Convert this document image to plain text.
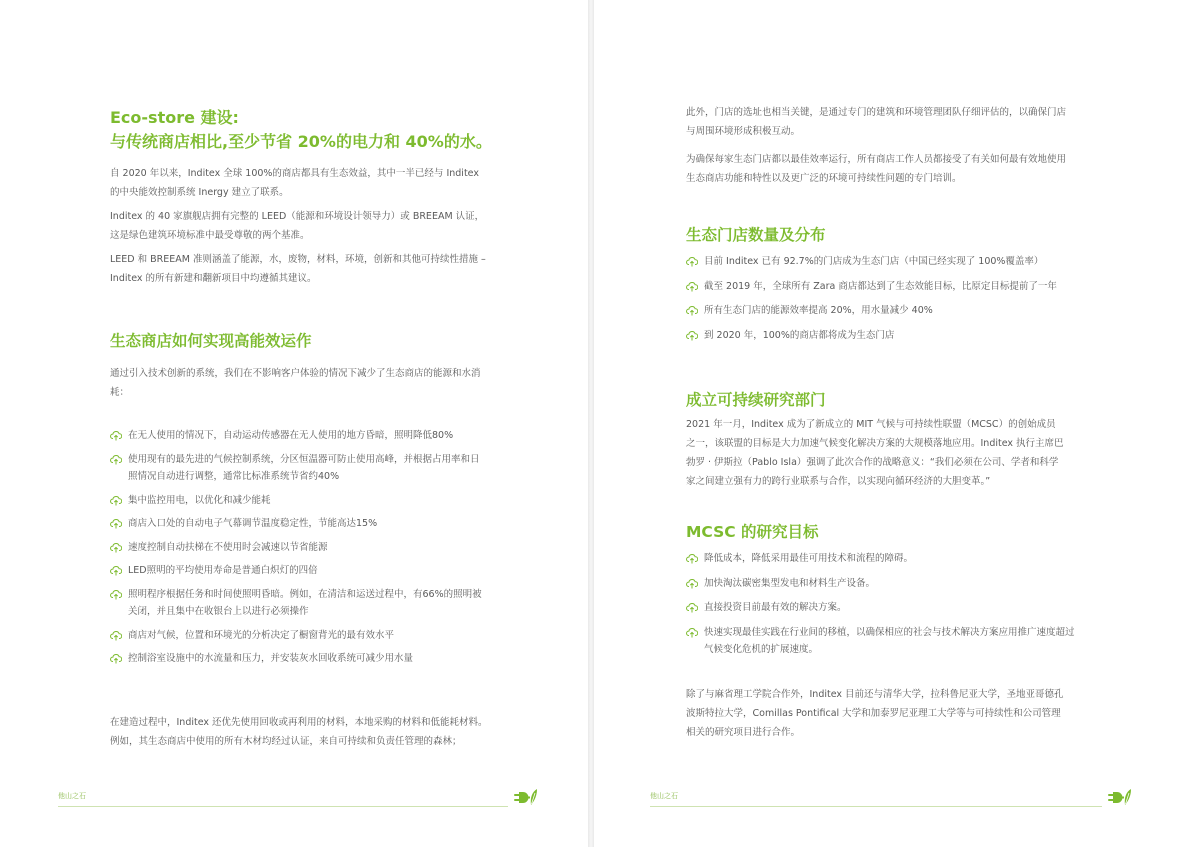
Eco-store 建设:
与传统商店相比,至少节省 20%的电力和 40%的水。

自 2020 年以来，Inditex 全球 100%的商店都具有生态效益，其中一半已经与 Inditex 的中央能效控制系统 Inergy 建立了联系。

Inditex 的 40 家旗舰店拥有完整的 LEED（能源和环境设计领导力）或 BREEAM 认证，这是绿色建筑环境标准中最受尊敬的两个基准。

LEED 和 BREEAM 准则涵盖了能源，水，废物，材料，环境，创新和其他可持续性措施 –Inditex 的所有新建和翻新项目中均遵循其建议。

生态商店如何实现高能效运作

通过引入技术创新的系统，我们在不影响客户体验的情况下减少了生态商店的能源和水消耗：

在无人使用的情况下，自动运动传感器在无人使用的地方昏暗，照明降低80%
使用现有的最先进的气候控制系统，分区恒温器可防止使用高峰，并根据占用率和日照情况自动进行调整，通常比标准系统节省约40%
集中监控用电，以优化和减少能耗
商店入口处的自动电子气幕调节温度稳定性，节能高达15%
速度控制自动扶梯在不使用时会减速以节省能源
LED照明的平均使用寿命是普通白炽灯的四倍
照明程序根据任务和时间使照明昏暗。例如，在清洁和运送过程中，有66%的照明被关闭，并且集中在收银台上以进行必须操作
商店对气候，位置和环境光的分析决定了橱窗背光的最有效水平
控制浴室设施中的水流量和压力，并安装灰水回收系统可减少用水量

在建造过程中，Inditex 还优先使用回收或再利用的材料，本地采购的材料和低能耗材料。例如，其生态商店中使用的所有木材均经过认证，来自可持续和负责任管理的森林；

他山之石

此外，门店的选址也相当关键，是通过专门的建筑和环境管理团队仔细评估的，以确保门店与周围环境形成积极互动。

为确保每家生态门店都以最佳效率运行，所有商店工作人员都接受了有关如何最有效地使用生态商店功能和特性以及更广泛的环境可持续性问题的专门培训。

生态门店数量及分布
目前 Inditex 已有 92.7%的门店成为生态门店（中国已经实现了 100%覆盖率）
截至 2019 年，全球所有 Zara 商店都达到了生态效能目标，比原定目标提前了一年
所有生态门店的能源效率提高 20%，用水量减少 40%
到 2020 年，100%的商店都将成为生态门店
成立可持续研究部门

2021 年一月，Inditex 成为了新成立的 MIT 气候与可持续性联盟（MCSC）的创始成员之一，该联盟的目标是大力加速气候变化解决方案的大规模落地应用。Inditex 执行主席巴勃罗 · 伊斯拉（Pablo Isla）强调了此次合作的战略意义：“我们必须在公司、学者和科学家之间建立强有力的跨行业联系与合作，以实现向循环经济的大胆变革。”

MCSC 的研究目标
降低成本，降低采用最佳可用技术和流程的障碍。
加快淘汰碳密集型发电和材料生产设备。
直接投资目前最有效的解决方案。
快速实现最佳实践在行业间的移植，以确保相应的社会与技术解决方案应用推广速度超过气候变化危机的扩展速度。

除了与麻省理工学院合作外，Inditex 目前还与清华大学，拉科鲁尼亚大学，圣地亚哥德孔波斯特拉大学，Comillas Pontifical 大学和加泰罗尼亚理工大学等与可持续性和公司管理相关的研究项目进行合作。

他山之石
